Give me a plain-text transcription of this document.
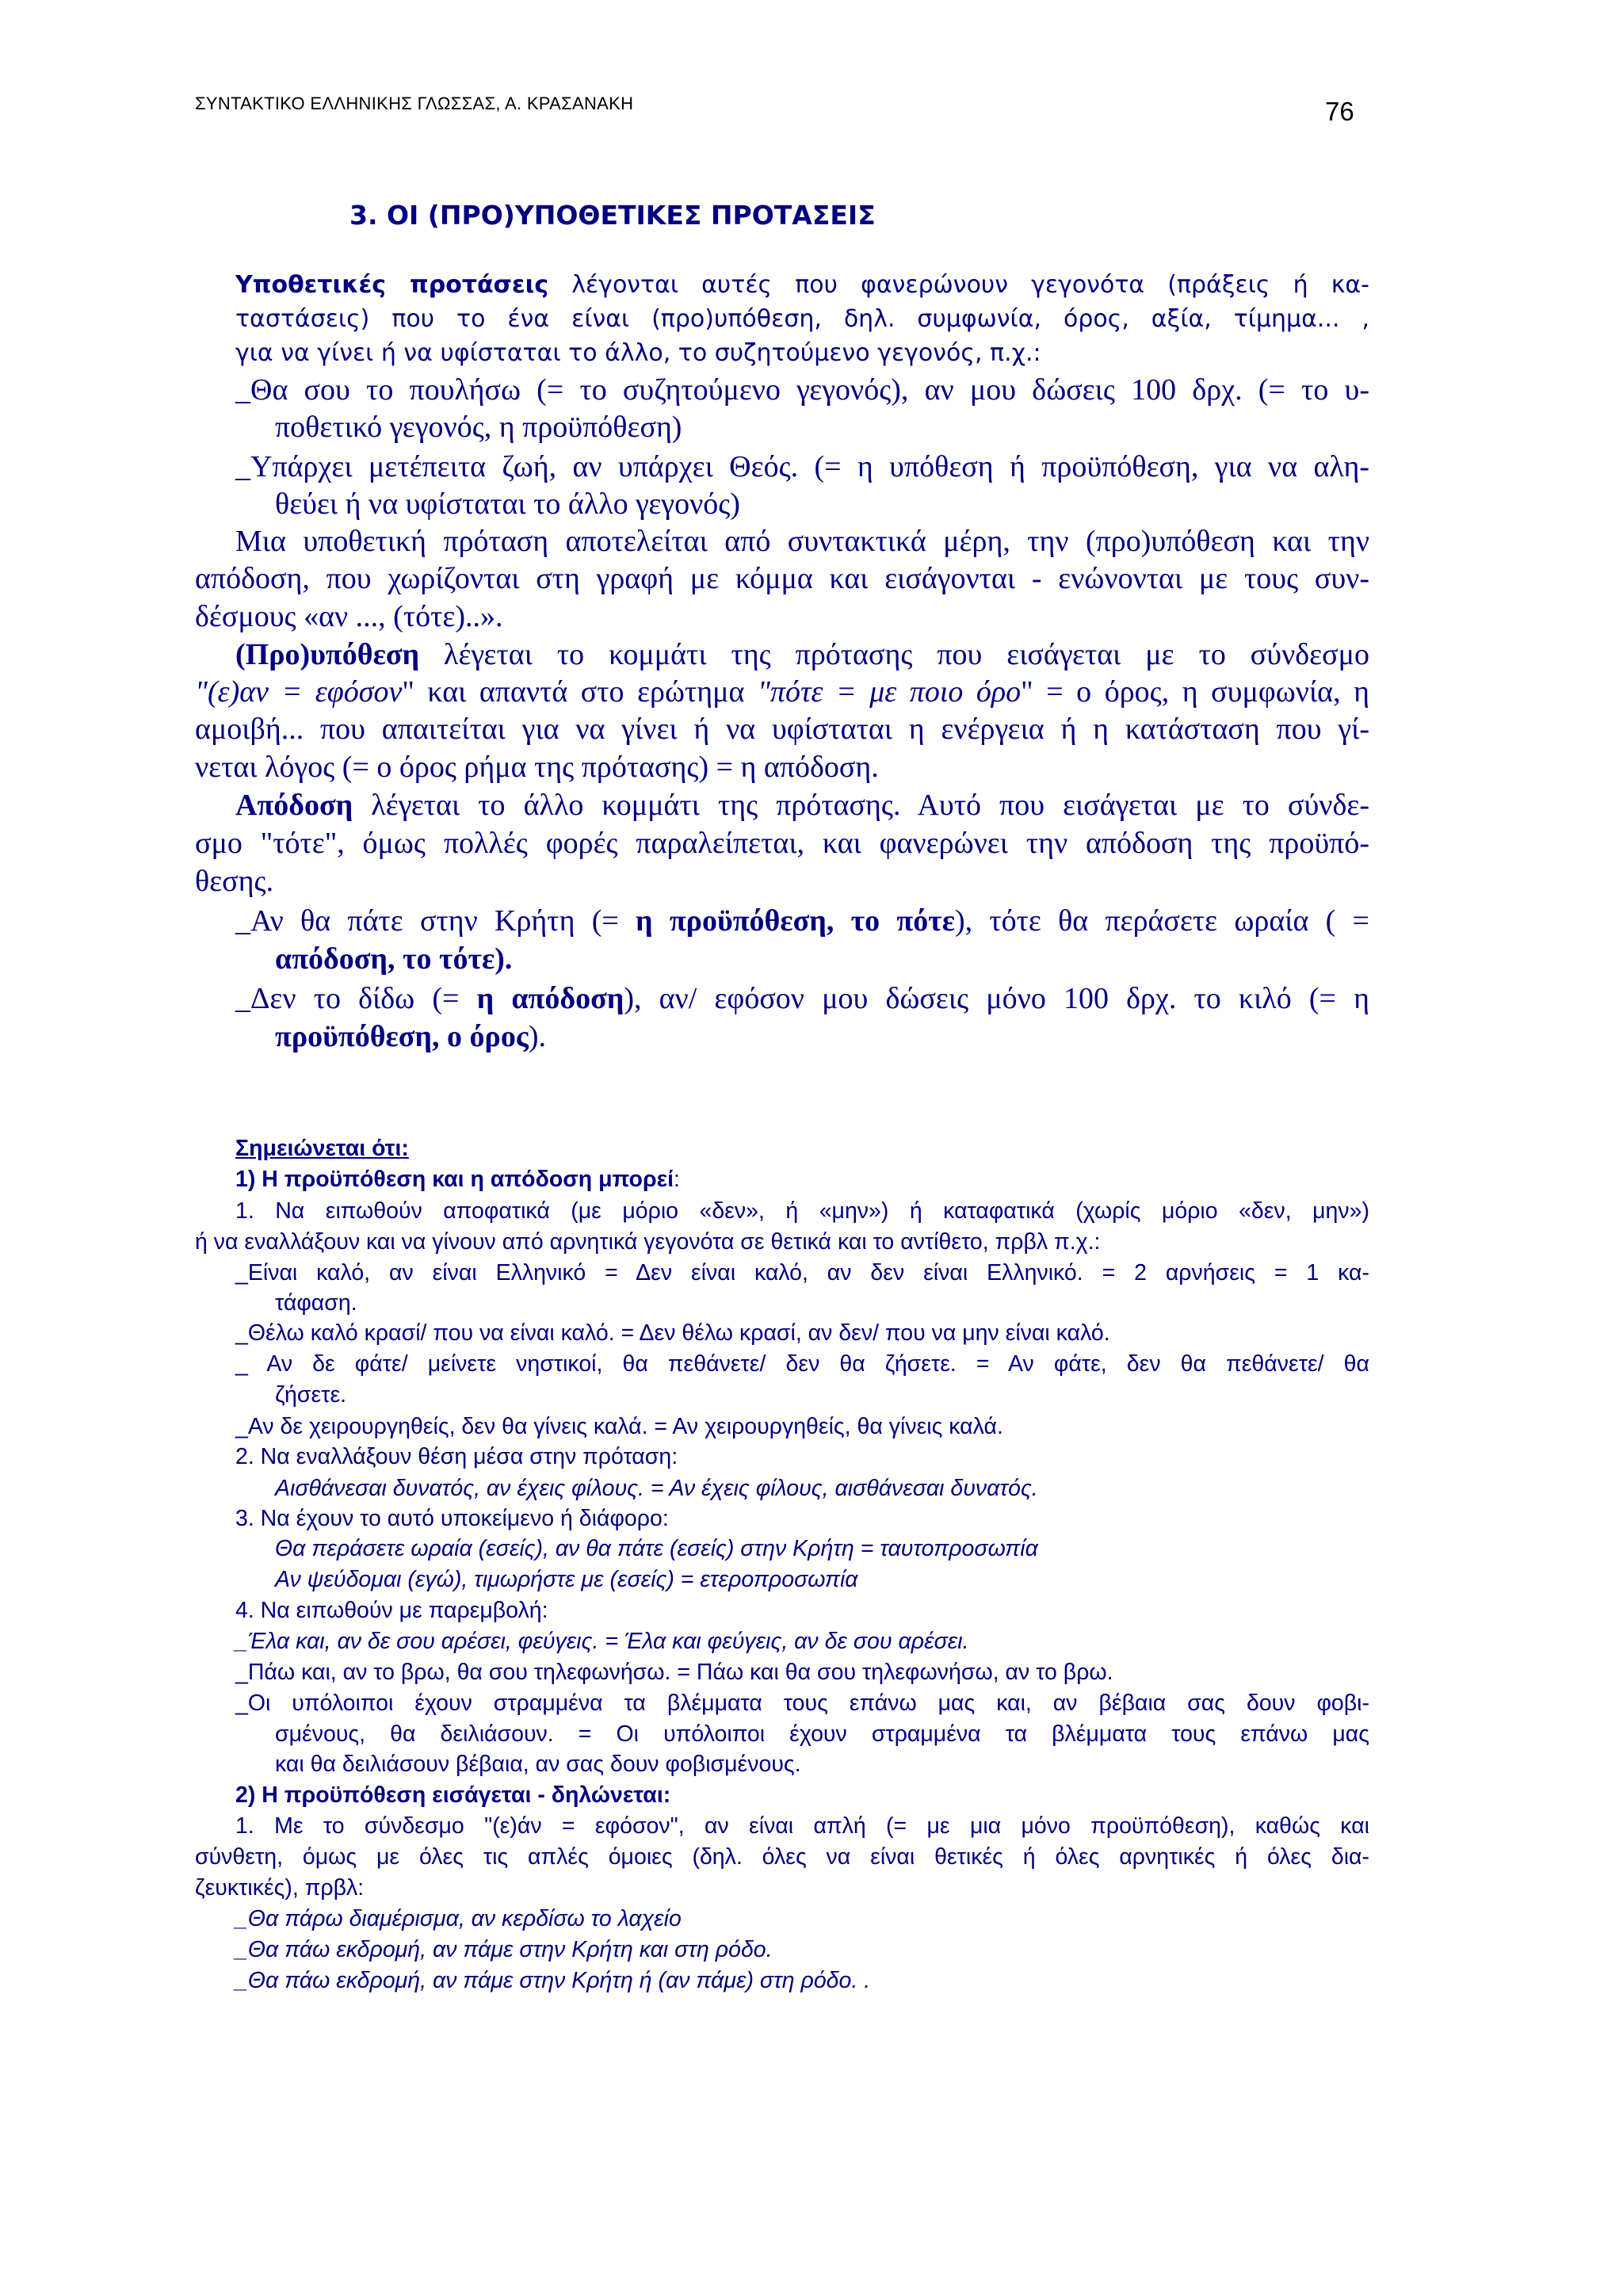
ΣΥΝΤΑΚΤΙΚΟ ΕΛΛΗΝΙΚΗΣ ΓΛΩΣΣΑΣ, Α. ΚΡΑΣΑΝΑΚΗ	76
3. ΟΙ (ΠΡΟ)ΥΠΟΘΕΤΙΚΕΣ ΠΡΟΤΑΣΕΙΣ

Υποθετικές προτάσεις λέγονται αυτές που φανερώνουν γεγονότα (πράξεις ή κα-

ταστάσεις) που το ένα είναι (προ)υπόθεση, δηλ. συμφωνία, όρος, αξία, τίμημα... ,

για να γίνει ή να υφίσταται το άλλο, το συζητούμενο γεγονός, π.χ.:

_Θα σου το πουλήσω (= το συζητούμενο γεγονός), αν μου δώσεις 100 δρχ. (= το υ-

ποθετικό γεγονός, η προϋπόθεση)

_Υπάρχει μετέπειτα ζωή, αν υπάρχει Θεός. (= η υπόθεση ή προϋπόθεση, για να αλη-

θεύει ή να υφίσταται το άλλο γεγονός)

Μια υποθετική πρόταση αποτελείται από συντακτικά μέρη, την (προ)υπόθεση και την

απόδοση, που χωρίζονται στη γραφή με κόμμα και εισάγονται - ενώνονται με τους συν-

δέσμους «αν ..., (τότε)..».

(Προ)υπόθεση λέγεται το κομμάτι της πρότασης που εισάγεται με το σύνδεσμο

"(ε)αν = εφόσον" και απαντά στο ερώτημα "πότε = με ποιο όρο" = ο όρος, η συμφωνία, η

αμοιβή... που απαιτείται για να γίνει ή να υφίσταται η ενέργεια ή η κατάσταση που γί-

νεται λόγος (= ο όρος ρήμα της πρότασης) = η απόδοση.

Απόδοση λέγεται το άλλο κομμάτι της πρότασης. Αυτό που εισάγεται με το σύνδε-

σμο "τότε", όμως πολλές φορές παραλείπεται, και φανερώνει την απόδοση της προϋπό-

θεσης.

_Αν θα πάτε στην Κρήτη (= η προϋπόθεση, το πότε), τότε θα περάσετε ωραία ( =

απόδοση, το τότε).

_Δεν το δίδω (= η απόδοση), αν/ εφόσον μου δώσεις μόνο 100 δρχ. το κιλό (= η

προϋπόθεση, ο όρος).

Σημειώνεται ότι:

1) Η προϋπόθεση και η απόδοση μπορεί:

1. Να ειπωθούν αποφατικά (με μόριο «δεν», ή «μην») ή καταφατικά (χωρίς μόριο «δεν, μην»)

ή να εναλλάξουν και να γίνουν από αρνητικά γεγονότα σε θετικά και το αντίθετο, πρβλ π.χ.:

_Είναι καλό, αν είναι Ελληνικό = Δεν είναι καλό, αν δεν είναι Ελληνικό. = 2 αρνήσεις = 1 κα-

τάφαση.

_Θέλω καλό κρασί/ που να είναι καλό. = Δεν θέλω κρασί, αν δεν/ που να μην είναι καλό.

_ Αν δε φάτε/ μείνετε νηστικοί, θα πεθάνετε/ δεν θα ζήσετε. = Αν φάτε, δεν θα πεθάνετε/ θα

ζήσετε.

_Αν δε χειρουργηθείς, δεν θα γίνεις καλά. = Αν χειρουργηθείς, θα γίνεις καλά.

2. Να εναλλάξουν θέση μέσα στην πρόταση:

Αισθάνεσαι δυνατός, αν έχεις φίλους. = Αν έχεις φίλους, αισθάνεσαι δυνατός.

3. Να έχουν το αυτό υποκείμενο ή διάφορο:

Θα περάσετε ωραία (εσείς), αν θα πάτε (εσείς) στην Κρήτη = ταυτοπροσωπία

Αν ψεύδομαι (εγώ), τιμωρήστε με (εσείς) = ετεροπροσωπία

4. Να ειπωθούν με παρεμβολή:

_Έλα και, αν δε σου αρέσει, φεύγεις. = Έλα και φεύγεις, αν δε σου αρέσει.

_Πάω και, αν το βρω, θα σου τηλεφωνήσω. = Πάω και θα σου τηλεφωνήσω, αν το βρω.

_Οι υπόλοιποι έχουν στραμμένα τα βλέμματα τους επάνω μας και, αν βέβαια σας δουν φοβι-

σμένους, θα δειλιάσουν. = Οι υπόλοιποι έχουν στραμμένα τα βλέμματα τους επάνω μας

και θα δειλιάσουν βέβαια, αν σας δουν φοβισμένους.

2) Η προϋπόθεση εισάγεται - δηλώνεται:

1. Με το σύνδεσμο "(ε)άν = εφόσον", αν είναι απλή (= με μια μόνο προϋπόθεση), καθώς και

σύνθετη, όμως με όλες τις απλές όμοιες (δηλ. όλες να είναι θετικές ή όλες αρνητικές ή όλες δια-

ζευκτικές), πρβλ:

_Θα πάρω διαμέρισμα, αν κερδίσω το λαχείο

_Θα πάω εκδρομή, αν πάμε στην Κρήτη και στη ρόδο.

_Θα πάω εκδρομή, αν πάμε στην Κρήτη ή (αν πάμε) στη ρόδο. .
